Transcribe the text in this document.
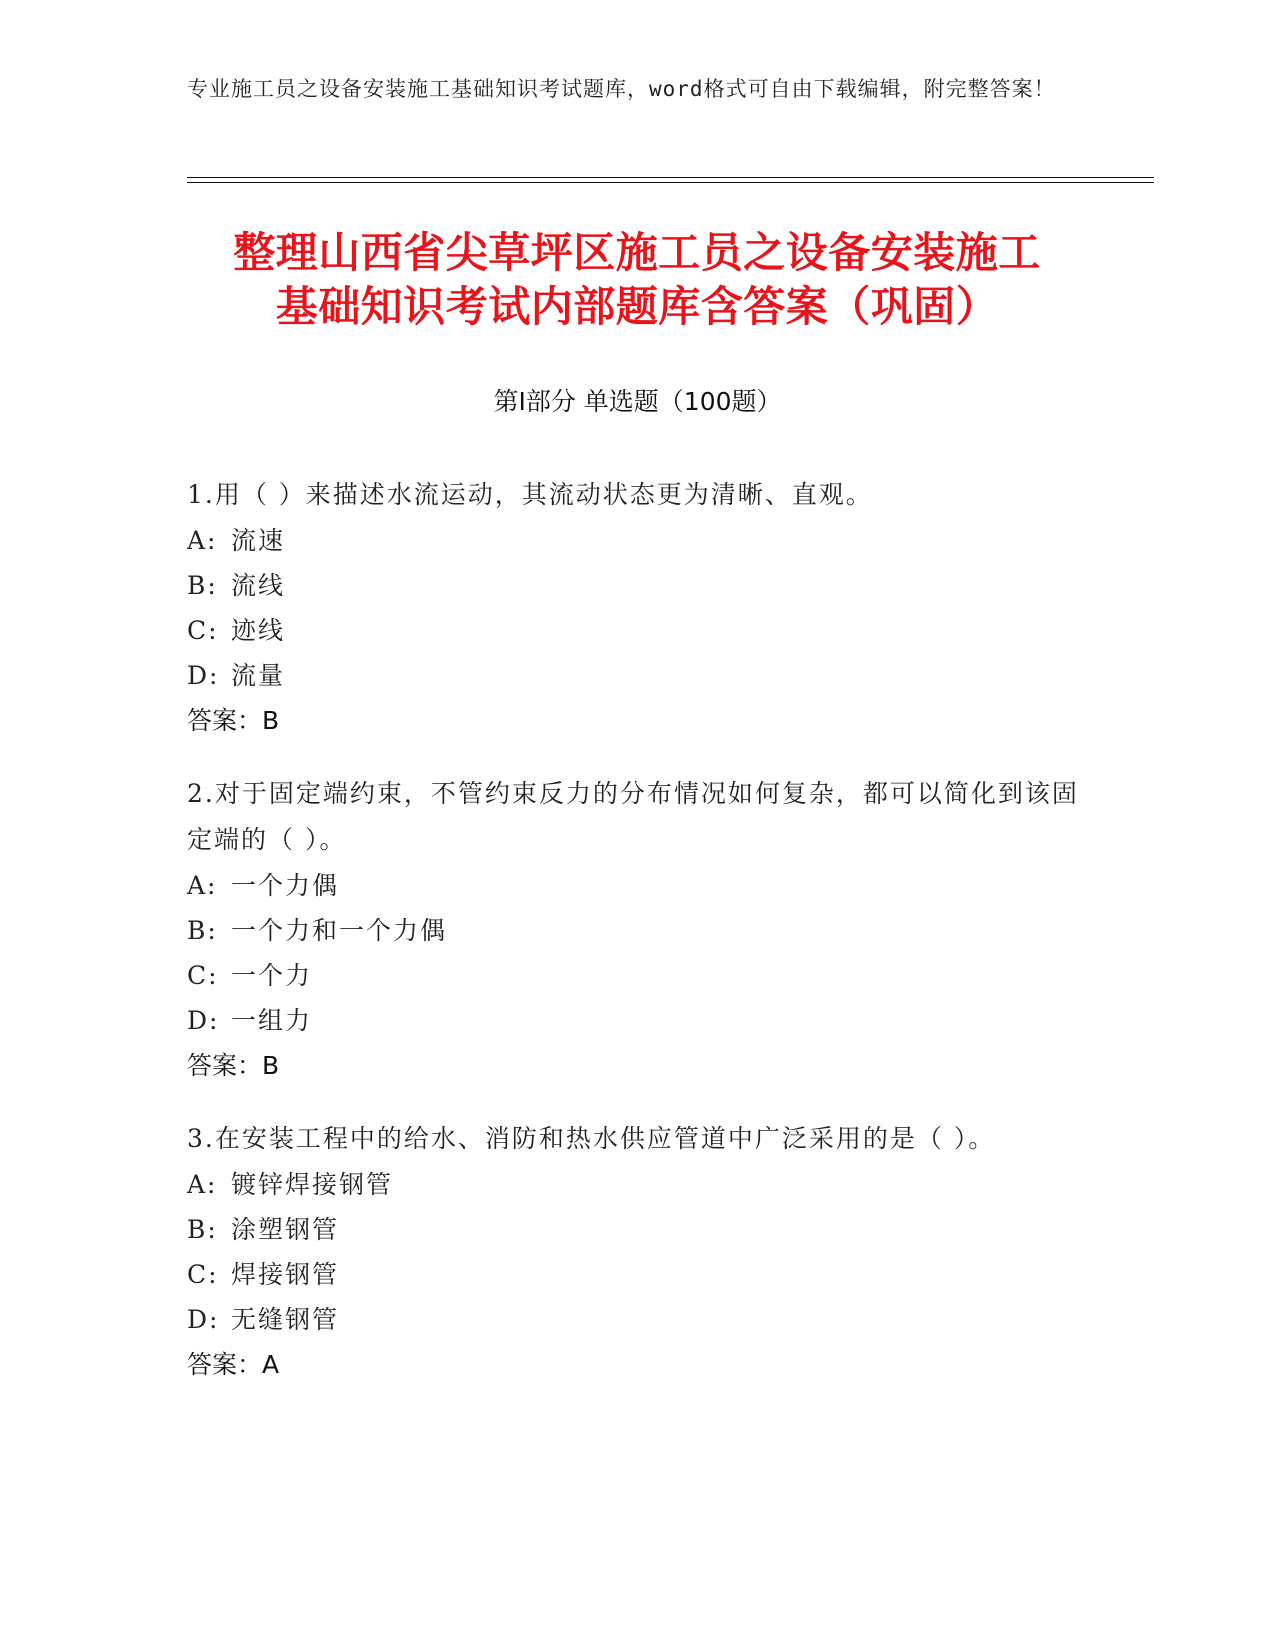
专业施工员之设备安装施工基础知识考试题库，word格式可自由下载编辑，附完整答案！
整理山西省尖草坪区施工员之设备安装施工
基础知识考试内部题库含答案（巩固）
第Ⅰ部分 单选题（100题）
1.用（ ）来描述水流运动，其流动状态更为清晰、直观。
A: 流速
B: 流线
C: 迹线
D: 流量
答案：B
2.对于固定端约束，不管约束反力的分布情况如何复杂，都可以简化到该固定端的（ ）。
A: 一个力偶
B: 一个力和一个力偶
C: 一个力
D: 一组力
答案：B
3.在安装工程中的给水、消防和热水供应管道中广泛采用的是（ ）。
A: 镀锌焊接钢管
B: 涂塑钢管
C: 焊接钢管
D: 无缝钢管
答案：A
